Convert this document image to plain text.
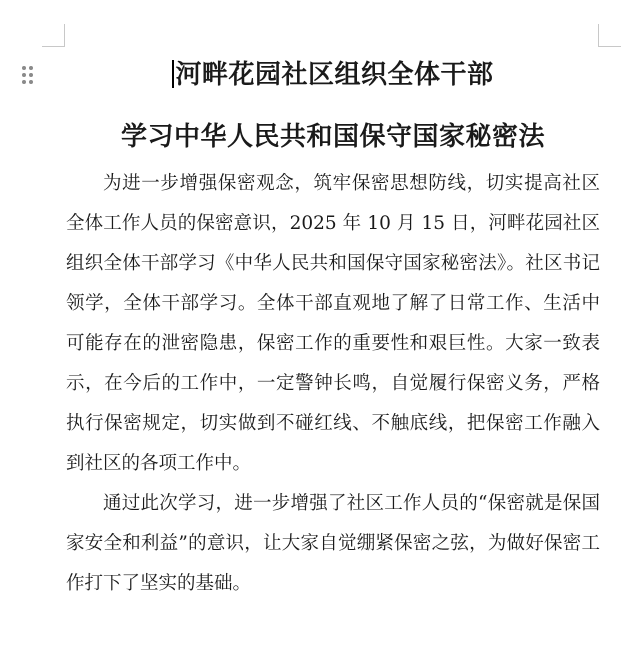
河畔花园社区组织全体干部
学习中华人民共和国保守国家秘密法

为进一步增强保密观念，筑牢保密思想防线，切实提高社区全体工作人员的保密意识，2025 年 10 月 15 日，河畔花园社区组织全体干部学习《中华人民共和国保守国家秘密法》。社区书记领学，全体干部学习。全体干部直观地了解了日常工作、生活中可能存在的泄密隐患，保密工作的重要性和艰巨性。大家一致表示，在今后的工作中，一定警钟长鸣，自觉履行保密义务，严格执行保密规定，切实做到不碰红线、不触底线，把保密工作融入到社区的各项工作中。

通过此次学习，进一步增强了社区工作人员的“保密就是保国家安全和利益”的意识，让大家自觉绷紧保密之弦，为做好保密工作打下了坚实的基础。
